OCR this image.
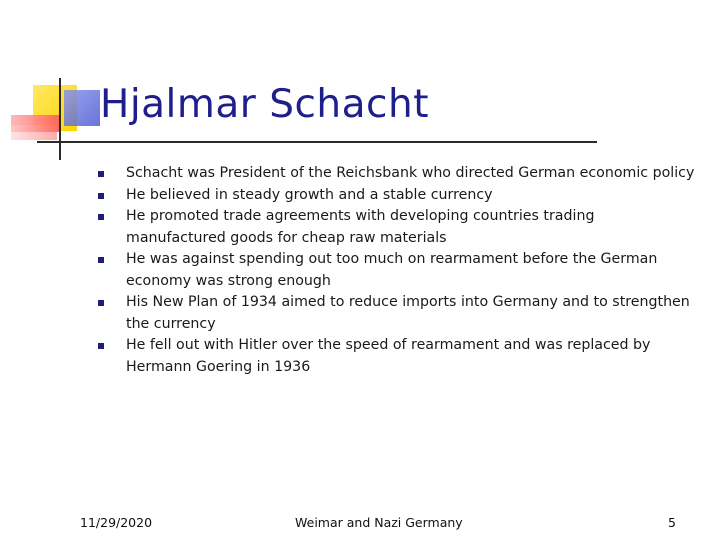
Hjalmar Schacht
Schacht was President of the Reichsbank who directed German economic policy
He believed in steady growth and a stable currency
He promoted trade agreements with developing countries trading manufactured goods for cheap raw materials
He was against spending out too much on rearmament before the German economy was strong enough
His New Plan of 1934 aimed to reduce imports into Germany and to strengthen the currency
He fell out with Hitler over the speed of rearmament and was replaced by Hermann Goering in 1936
11/29/2020	Weimar and Nazi Germany	5
